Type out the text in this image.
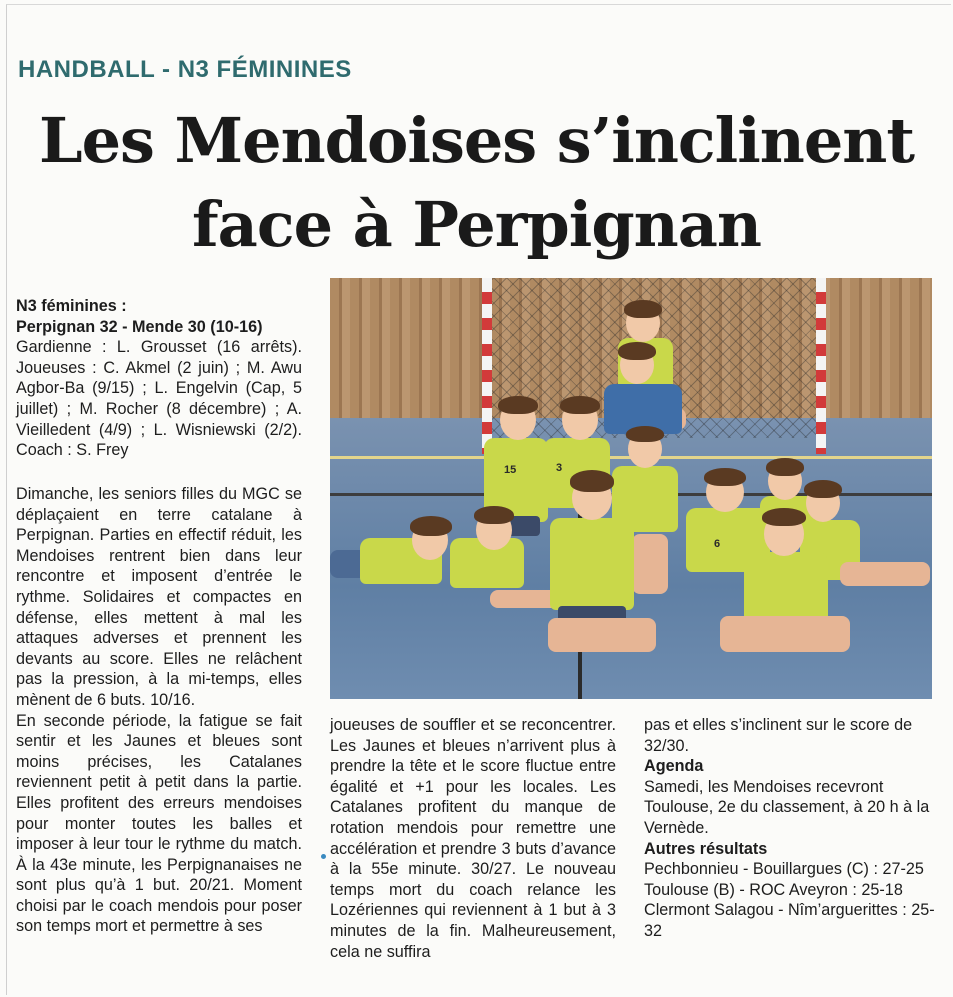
HANDBALL - N3 FÉMININES
Les Mendoises s’inclinent
face à Perpignan

N3 féminines :

Perpignan 32 - Mende 30 (10-16)

Gardienne : L. Grousset (16 arrêts). Joueuses : C. Akmel (2 juin) ; M. Awu Agbor-Ba (9/15) ; L. Engelvin (Cap, 5 juillet) ; M. Rocher (8 décembre) ; A. Vieilledent (4/9) ; L. Wisniewski (2/2). Coach : S. Frey

Dimanche, les seniors filles du MGC se déplaçaient en terre catalane à Perpignan. Parties en effectif réduit, les Mendoises rentrent bien dans leur rencontre et imposent d’entrée le rythme. Solidaires et compactes en défense, elles mettent à mal les attaques adverses et prennent les devants au score. Elles ne relâchent pas la pression, à la mi-temps, elles mènent de 6 buts. 10/16.

En seconde période, la fatigue se fait sentir et les Jaunes et bleues sont moins précises, les Catalanes reviennent petit à petit dans la partie. Elles profitent des erreurs mendoises pour monter toutes les balles et imposer à leur tour le rythme du match. À la 43e minute, les Perpignanaises ne sont plus qu’à 1 but. 20/21. Moment choisi par le coach mendois pour poser son temps mort et permettre à ses

15	3
6

joueuses de souffler et se reconcentrer. Les Jaunes et bleues n’arrivent plus à prendre la tête et le score fluctue entre égalité et +1 pour les locales. Les Catalanes profitent du manque de rotation mendois pour remettre une accélération et prendre 3 buts d’avance à la 55e minute. 30/27. Le nouveau temps mort du coach relance les Lozériennes qui reviennent à 1 but à 3 minutes de la fin. Malheureusement, cela ne suffira

pas et elles s’inclinent sur le score de 32/30.

Agenda

Samedi, les Mendoises recevront Toulouse, 2e du classement, à 20 h à la Vernède.

Autres résultats

Pechbonnieu - Bouillargues (C) : 27-25

Toulouse (B) - ROC Aveyron : 25-18

Clermont Salagou - Nîm’arguerittes : 25-32
